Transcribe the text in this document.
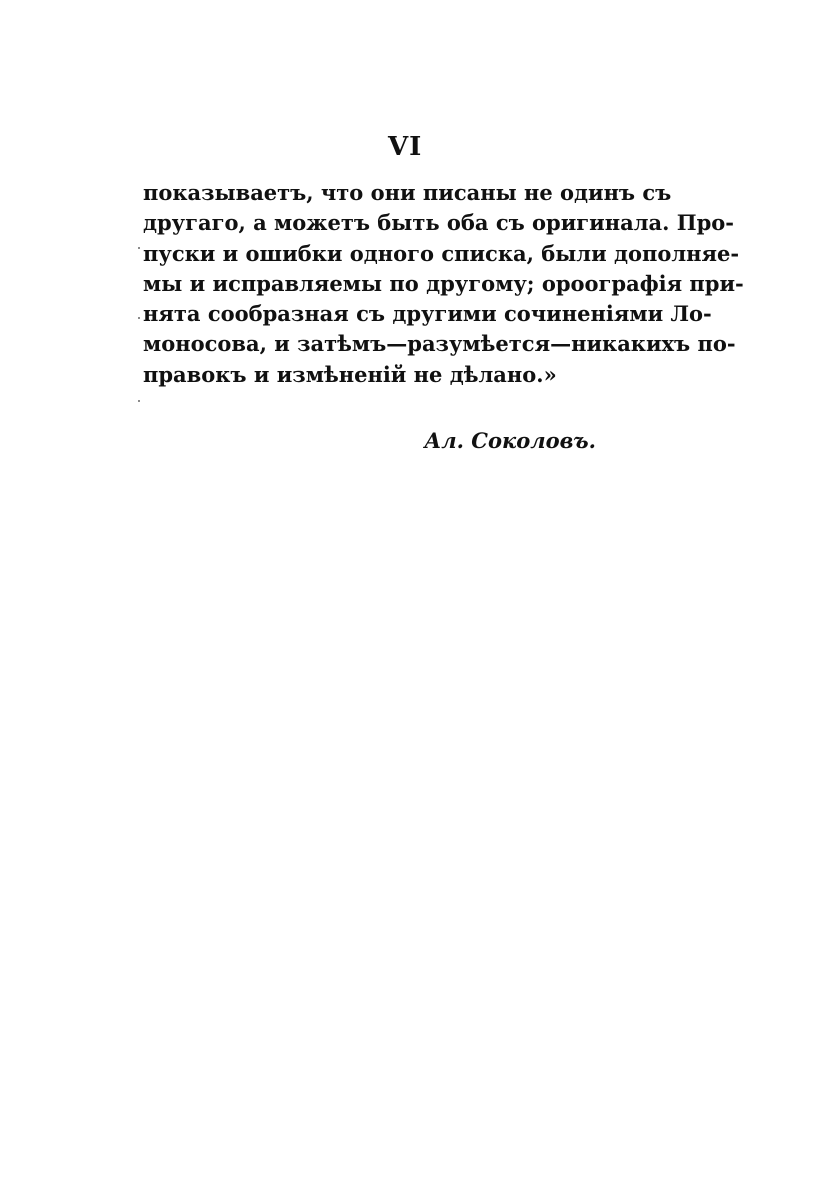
VI
показываетъ, что они писаны не одинъ съ
другаго, а можетъ быть оба съ оригинала. Про-
пуски и ошибки одного списка, были дополняе-
мы и исправляемы по другому; ороографія при-
нята сообразная съ другими сочиненіями Ло-
моносова, и затѣмъ—разумѣется—никакихъ по-
правокъ и измѣненій не дѣлано.»
Ал. Соколовъ.
